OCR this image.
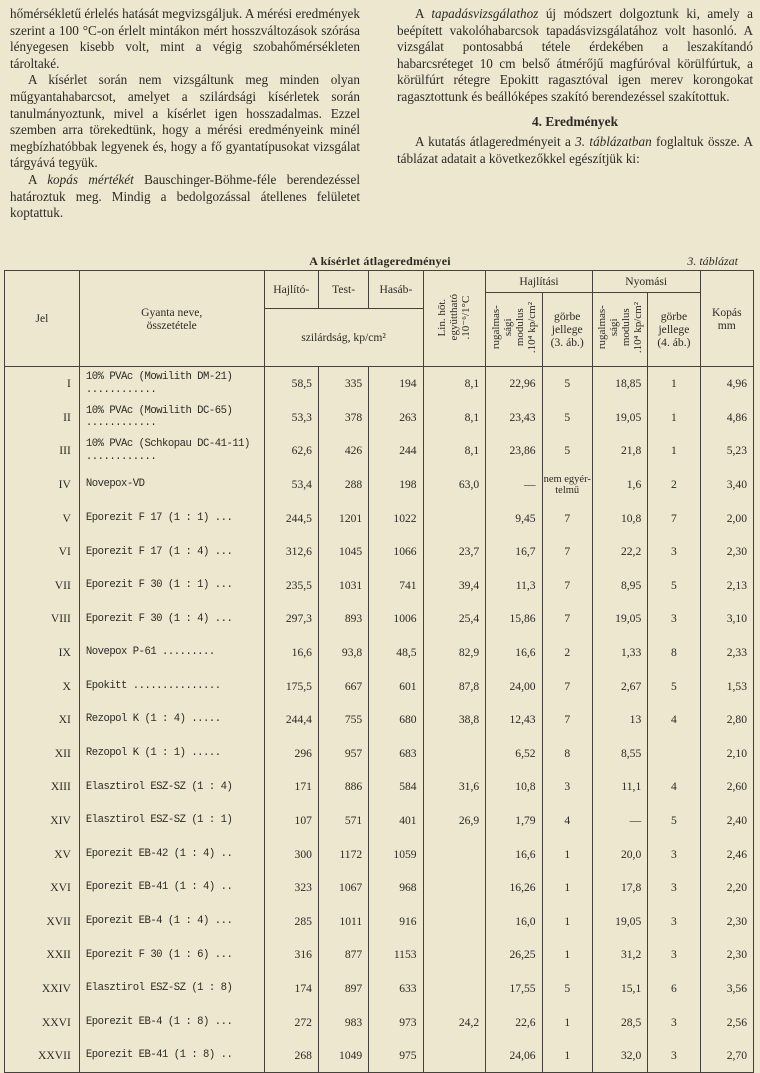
hőmérsékletű érlelés hatását megvizsgáljuk. A mérési eredmények szerint a 100 °C-on érlelt mintákon mért hosszváltozások szórása lényegesen kisebb volt, mint a végig szobahőmérsékleten tároltaké.

A kísérlet során nem vizsgáltunk meg minden olyan műgyantahabarcsot, amelyet a szilárdsági kísérletek során tanulmányoztunk, mivel a kísérlet igen hosszadalmas. Ezzel szemben arra törekedtünk, hogy a mérési eredményeink minél megbízhatóbbak legyenek és, hogy a fő gyantatípusokat vizsgálat tárgyává tegyük.

A kopás mértékét Bauschinger-Böhme-féle berendezéssel határoztuk meg. Mindig a bedolgozással átellenes felületet koptattuk.

A tapadásvizsgálathoz új módszert dolgoztunk ki, amely a beépített vakolóhabarcsok tapadásvizsgálatához volt hasonló. A vizsgálat pontosabbá tétele érdekében a leszakítandó habarcsréteget 10 cm belső átmérőjű magfúróval körülfúrtuk, a körülfúrt rétegre Epokitt ragasztóval igen merev korongokat ragasztottunk és beállóképes szakító berendezéssel szakítottuk.

4. Eredmények

A kutatás átlageredményeit a 3. táblázatban foglaltuk össze. A táblázat adatait a következőkkel egészítjük ki:

A kísérlet átlageredményei	3. táblázat
Jel	Gyanta neve,
összetétele	Hajlító-	Test-	Hasáb-	Lin. hőt.
együttható
.10⁻⁶/1°C	Hajlítási		Nyomási		Kopás
mm
						rugalmas-
sági
modulus
.10⁴ kp/cm²	görbe
jellege
(3. áb.)	rugalmas-
sági
modulus
.10⁴ kp/cm²	görbe
jellege
(4. áb.)	
		szilárdság, kp/cm²								
I	10% PVAc (Mowilith DM-21) ............	58,5	335	194	8,1	22,96	5	18,85	1	4,96
II	10% PVAc (Mowilith DC-65) ............	53,3	378	263	8,1	23,43	5	19,05	1	4,86
III	10% PVAc (Schkopau DC-41-11) ............	62,6	426	244	8,1	23,86	5	21,8	1	5,23
IV	Novepox-VD	53,4	288	198	63,0	—	nem egyér-telmű	1,6	2	3,40
V	Eporezit F 17 (1 : 1) ...	244,5	1201	1022		9,45	7	10,8	7	2,00
VI	Eporezit F 17 (1 : 4) ...	312,6	1045	1066	23,7	16,7	7	22,2	3	2,30
VII	Eporezit F 30 (1 : 1) ...	235,5	1031	741	39,4	11,3	7	8,95	5	2,13
VIII	Eporezit F 30 (1 : 4) ...	297,3	893	1006	25,4	15,86	7	19,05	3	3,10
IX	Novepox P-61 .........	16,6	93,8	48,5	82,9	16,6	2	1,33	8	2,33
X	Epokitt ...............	175,5	667	601	87,8	24,00	7	2,67	5	1,53
XI	Rezopol K (1 : 4) .....	244,4	755	680	38,8	12,43	7	13	4	2,80
XII	Rezopol K (1 : 1) .....	296	957	683		6,52	8	8,55		2,10
XIII	Elasztirol ESZ-SZ (1 : 4)	171	886	584	31,6	10,8	3	11,1	4	2,60
XIV	Elasztirol ESZ-SZ (1 : 1)	107	571	401	26,9	1,79	4	—	5	2,40
XV	Eporezit EB-42 (1 : 4) ..	300	1172	1059		16,6	1	20,0	3	2,46
XVI	Eporezit EB-41 (1 : 4) ..	323	1067	968		16,26	1	17,8	3	2,20
XVII	Eporezit EB-4 (1 : 4) ...	285	1011	916		16,0	1	19,05	3	2,30
XXII	Eporezit F 30 (1 : 6) ...	316	877	1153		26,25	1	31,2	3	2,30
XXIV	Elasztirol ESZ-SZ (1 : 8)	174	897	633		17,55	5	15,1	6	3,56
XXVI	Eporezit EB-4 (1 : 8) ...	272	983	973	24,2	22,6	1	28,5	3	2,56
XXVII	Eporezit EB-41 (1 : 8) ..	268	1049	975		24,06	1	32,0	3	2,70
